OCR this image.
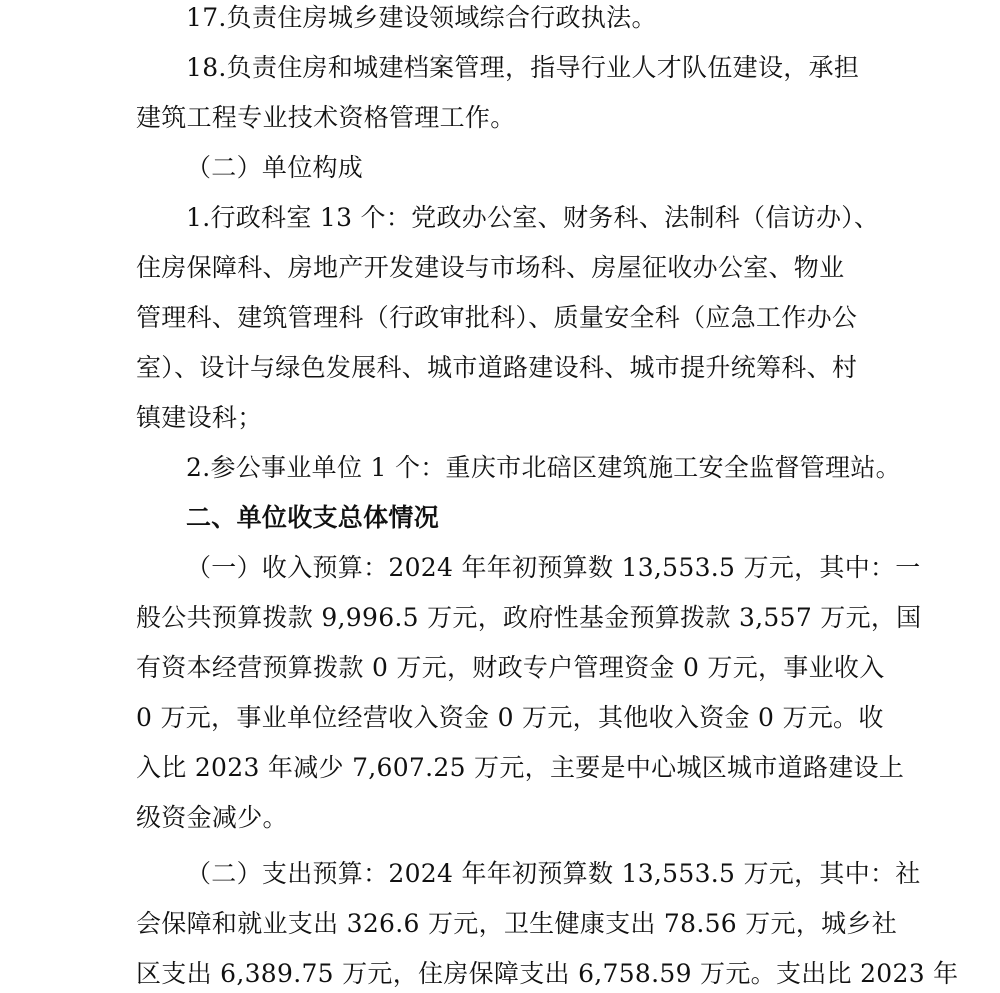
17.负责住房城乡建设领域综合行政执法。
18.负责住房和城建档案管理，指导行业人才队伍建设，承担
建筑工程专业技术资格管理工作。
（二）单位构成
1.行政科室 13 个：党政办公室、财务科、法制科（信访办）、
住房保障科、房地产开发建设与市场科、房屋征收办公室、物业
管理科、建筑管理科（行政审批科）、质量安全科（应急工作办公
室）、设计与绿色发展科、城市道路建设科、城市提升统筹科、村
镇建设科；
2.参公事业单位 1 个：重庆市北碚区建筑施工安全监督管理站。
二、单位收支总体情况
（一）收入预算：2024 年年初预算数 13,553.5 万元，其中：一
般公共预算拨款 9,996.5 万元，政府性基金预算拨款 3,557 万元，国
有资本经营预算拨款 0 万元，财政专户管理资金 0 万元，事业收入
0 万元，事业单位经营收入资金 0 万元，其他收入资金 0 万元。收
入比 2023 年减少 7,607.25 万元，主要是中心城区城市道路建设上
级资金减少。
（二）支出预算：2024 年年初预算数 13,553.5 万元，其中：社
会保障和就业支出 326.6 万元，卫生健康支出 78.56 万元，城乡社
区支出 6,389.75 万元，住房保障支出 6,758.59 万元。支出比 2023 年
